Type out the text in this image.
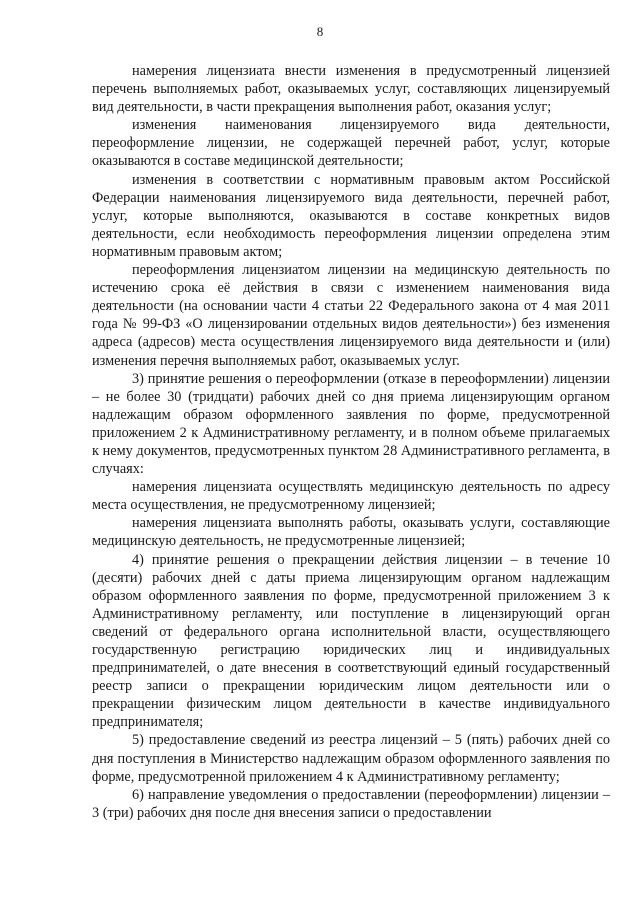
8

намерения лицензиата внести изменения в предусмотренный лицензией перечень выполняемых работ, оказываемых услуг, составляющих лицензируемый вид деятельности, в части прекращения выполнения работ, оказания услуг;

изменения наименования лицензируемого вида деятельности, переоформление лицензии, не содержащей перечней работ, услуг, которые оказываются в составе медицинской деятельности;

изменения в соответствии с нормативным правовым актом Российской Федерации наименования лицензируемого вида деятельности, перечней работ, услуг, которые выполняются, оказываются в составе конкретных видов деятельности, если необходимость переоформления лицензии определена этим нормативным правовым актом;

переоформления лицензиатом лицензии на медицинскую деятельность по истечению срока её действия в связи с изменением наименования вида деятельности (на основании части 4 статьи 22 Федерального закона от 4 мая 2011 года № 99-ФЗ «О лицензировании отдельных видов деятельности») без изменения адреса (адресов) места осуществления лицензируемого вида деятельности и (или) изменения перечня выполняемых работ, оказываемых услуг.

3) принятие решения о переоформлении (отказе в переоформлении) лицензии – не более 30 (тридцати) рабочих дней со дня приема лицензирующим органом надлежащим образом оформленного заявления по форме, предусмотренной приложением 2 к Административному регламенту, и в полном объеме прилагаемых к нему документов, предусмотренных пунктом 28 Административного регламента, в случаях:

намерения лицензиата осуществлять медицинскую деятельность по адресу места осуществления, не предусмотренному лицензией;

намерения лицензиата выполнять работы, оказывать услуги, составляющие медицинскую деятельность, не предусмотренные лицензией;

4) принятие решения о прекращении действия лицензии – в течение 10 (десяти) рабочих дней с даты приема лицензирующим органом надлежащим образом оформленного заявления по форме, предусмотренной приложением 3 к Административному регламенту, или поступление в лицензирующий орган сведений от федерального органа исполнительной власти, осуществляющего государственную регистрацию юридических лиц и индивидуальных предпринимателей, о дате внесения в соответствующий единый государственный реестр записи о прекращении юридическим лицом деятельности или о прекращении физическим лицом деятельности в качестве индивидуального предпринимателя;

5) предоставление сведений из реестра лицензий – 5 (пять) рабочих дней со дня поступления в Министерство надлежащим образом оформленного заявления по форме, предусмотренной приложением 4 к Административному регламенту;

6) направление уведомления о предоставлении (переоформлении) лицензии – 3 (три) рабочих дня после дня внесения записи о предоставлении
